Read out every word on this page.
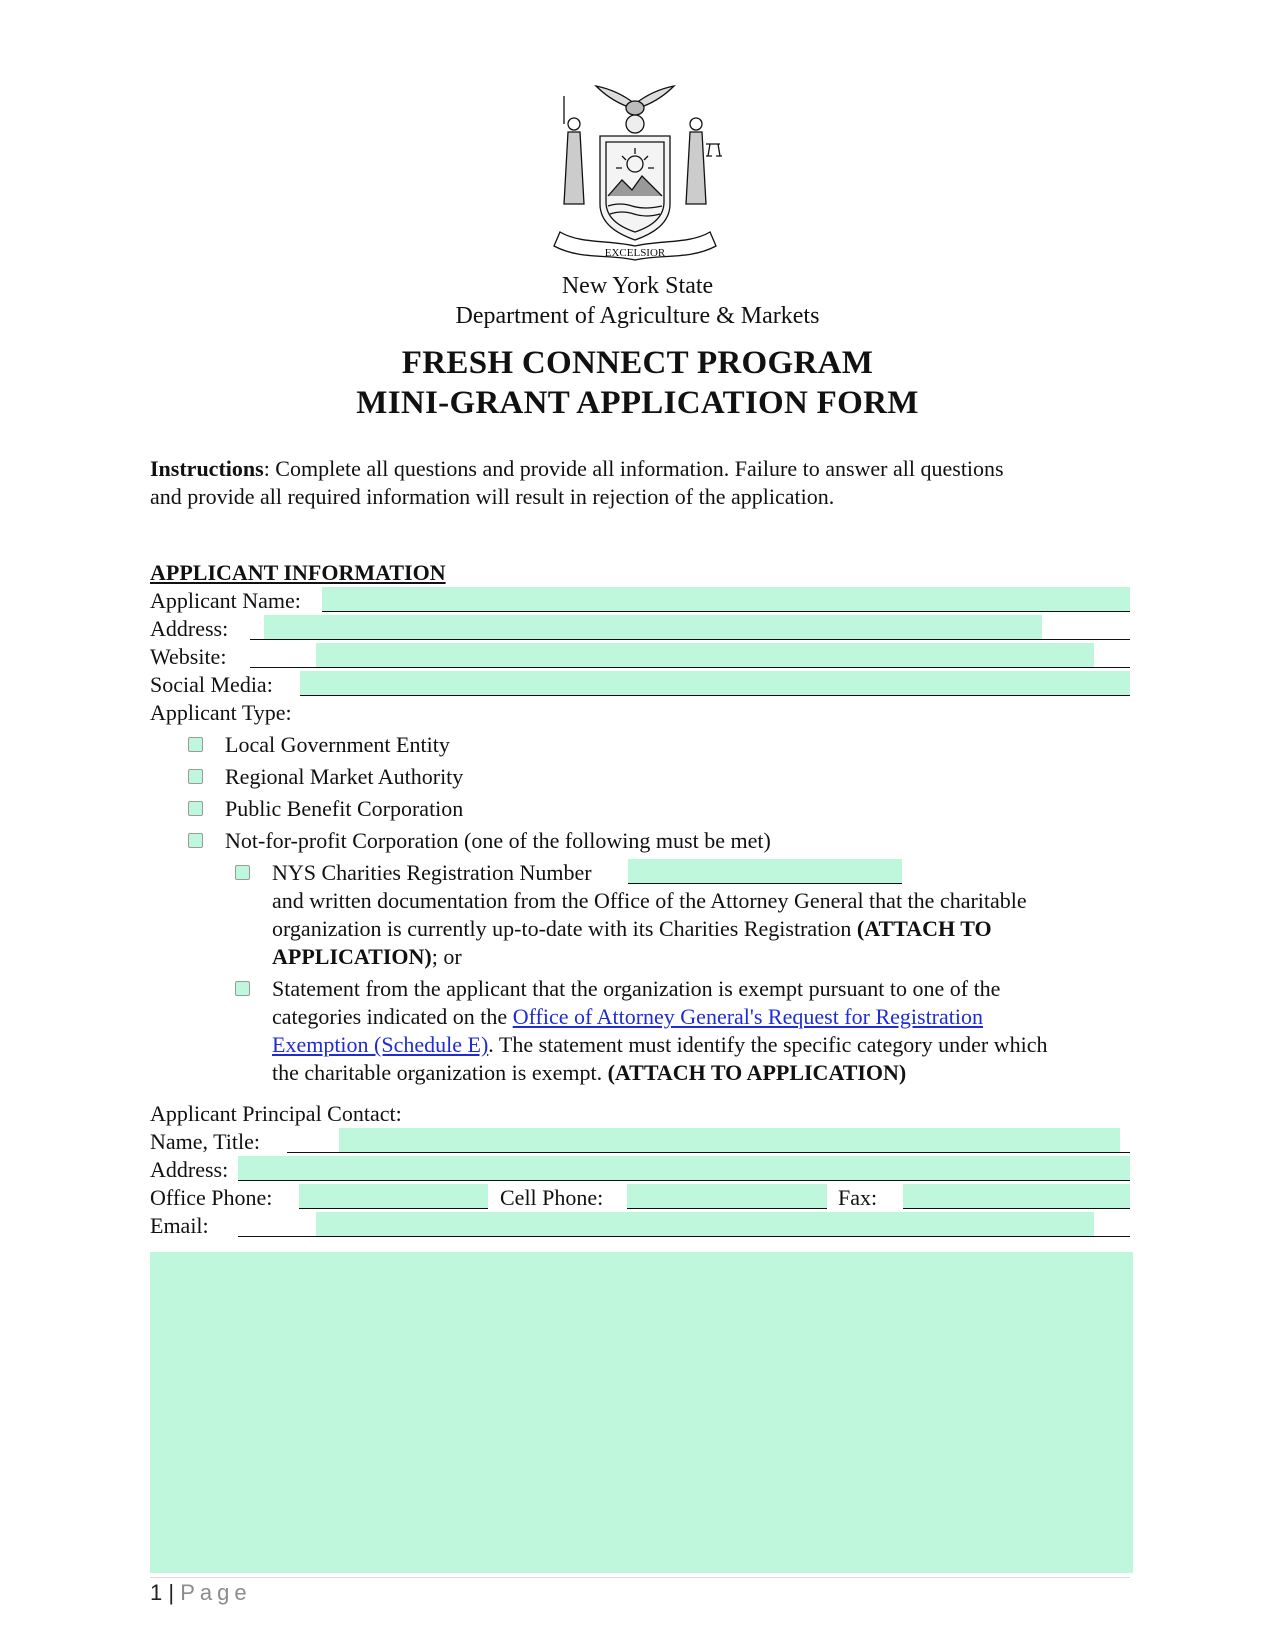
EXCELSIOR
New York State
Department of Agriculture & Markets
FRESH CONNECT PROGRAM
MINI-GRANT APPLICATION FORM
Instructions: Complete all questions and provide all information. Failure to answer all questions
and provide all required information will result in rejection of the application.
APPLICANT INFORMATION
Applicant Name:
Address:
Website:
Social Media:
Applicant Type:
Local Government Entity
Regional Market Authority
Public Benefit Corporation
Not-for-profit Corporation (one of the following must be met)
NYS Charities Registration Number
and written documentation from the Office of the Attorney General that the charitable
organization is currently up-to-date with its Charities Registration (ATTACH TO
APPLICATION); or
Statement from the applicant that the organization is exempt pursuant to one of the
categories indicated on the Office of Attorney General's Request for Registration
Exemption (Schedule E). The statement must identify the specific category under which
the charitable organization is exempt. (ATTACH TO APPLICATION)
Applicant Principal Contact:
Name, Title:
Address:
Office Phone:	Cell Phone:	Fax:
Email:
1 | Page
